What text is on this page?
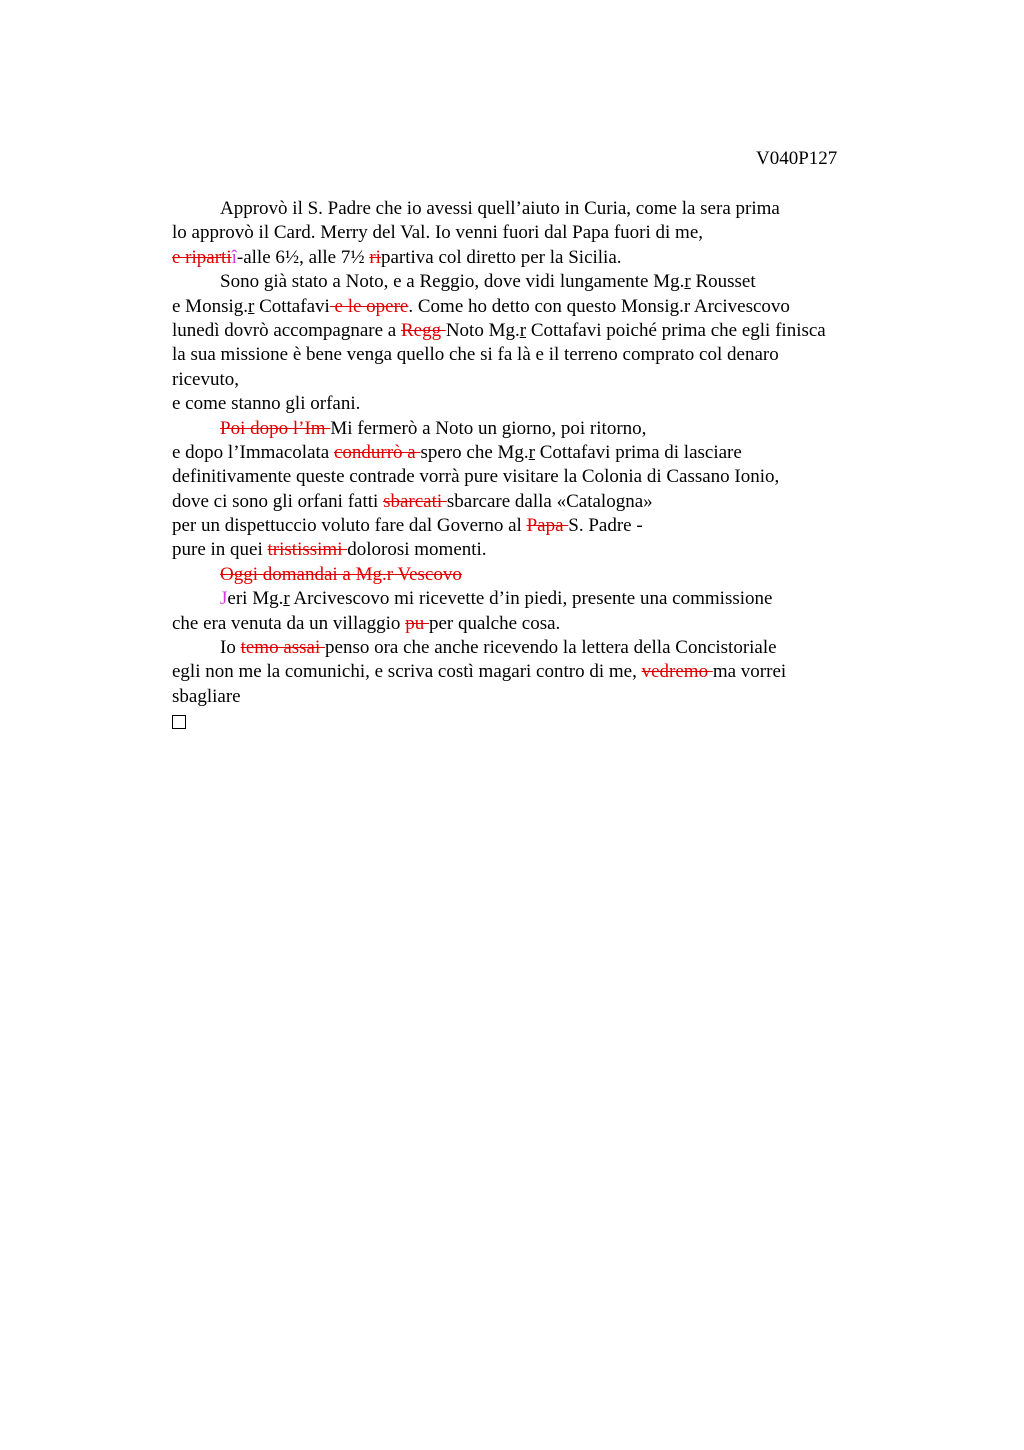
V040P127

Approvò il S. Padre che io avessi quell’aiuto in Curia, come la sera prima
lo approvò il Card. Merry del Val. Io venni fuori dal Papa fuori di me,
e ripartiî-alle 6½, alle 7½ ripartiva col diretto per la Sicilia.
Sono già stato a Noto, e a Reggio, dove vidi lungamente Mg.r Rousset
e Monsig.r Cottafavi e le opere. Come ho detto con questo Monsig.r Arcivescovo
lunedì dovrò accompagnare a Regg Noto Mg.r Cottafavi poiché prima che egli finisca
la sua missione è bene venga quello che si fa là e il terreno comprato col denaro
ricevuto,
e come stanno gli orfani.
Poi dopo l’Im Mi fermerò a Noto un giorno, poi ritorno,
e dopo l’Immacolata condurrò a spero che Mg.r Cottafavi prima di lasciare
definitivamente queste contrade vorrà pure visitare la Colonia di Cassano Ionio,
dove ci sono gli orfani fatti sbarcati sbarcare dalla «Catalogna»
per un dispettuccio voluto fare dal Governo al Papa S. Padre -
pure in quei tristissimi dolorosi momenti.
Oggi domandai a Mg.r Vescovo
Jeri Mg.r Arcivescovo mi ricevette d’in piedi, presente una commissione
che era venuta da un villaggio pu per qualche cosa.
Io temo assai penso ora che anche ricevendo la lettera della Concistoriale
egli non me la comunichi, e scriva costì magari contro di me, vedremo ma vorrei
sbagliare
